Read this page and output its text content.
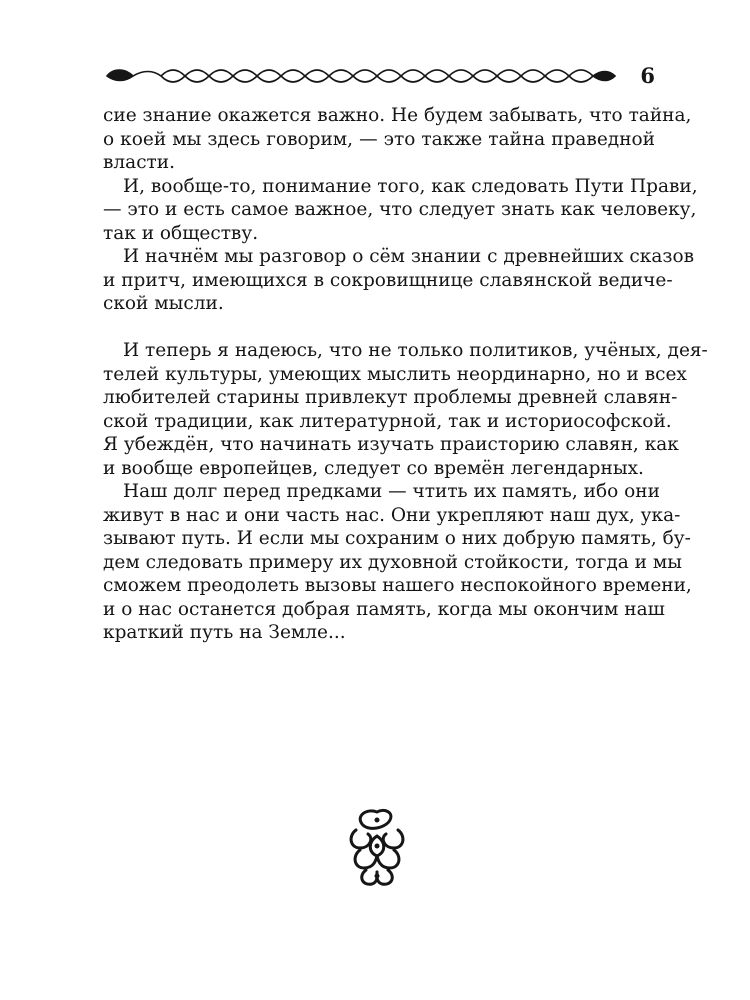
6

сие знание окажется важно. Не будем забывать, что тайна,
о коей мы здесь говорим, — это также тайна праведной
власти.

И, вообще-то, понимание того, как следовать Пути Прави,
— это и есть самое важное, что следует знать как человеку,
так и обществу.

И начнём мы разговор о сём знании с древнейших сказов
и притч, имеющихся в сокровищнице славянской ведиче-
ской мысли.

И теперь я надеюсь, что не только политиков, учёных, дея-
телей культуры, умеющих мыслить неординарно, но и всех
любителей старины привлекут проблемы древней славян-
ской традиции, как литературной, так и историософской.
Я убеждён, что начинать изучать праисторию славян, как
и вообще европейцев, следует со времён легендарных.

Наш долг перед предками — чтить их память, ибо они
живут в нас и они часть нас. Они укрепляют наш дух, ука-
зывают путь. И если мы сохраним о них добрую память, бу-
дем следовать примеру их духовной стойкости, тогда и мы
сможем преодолеть вызовы нашего неспокойного времени,
и о нас останется добрая память, когда мы окончим наш
краткий путь на Земле...
